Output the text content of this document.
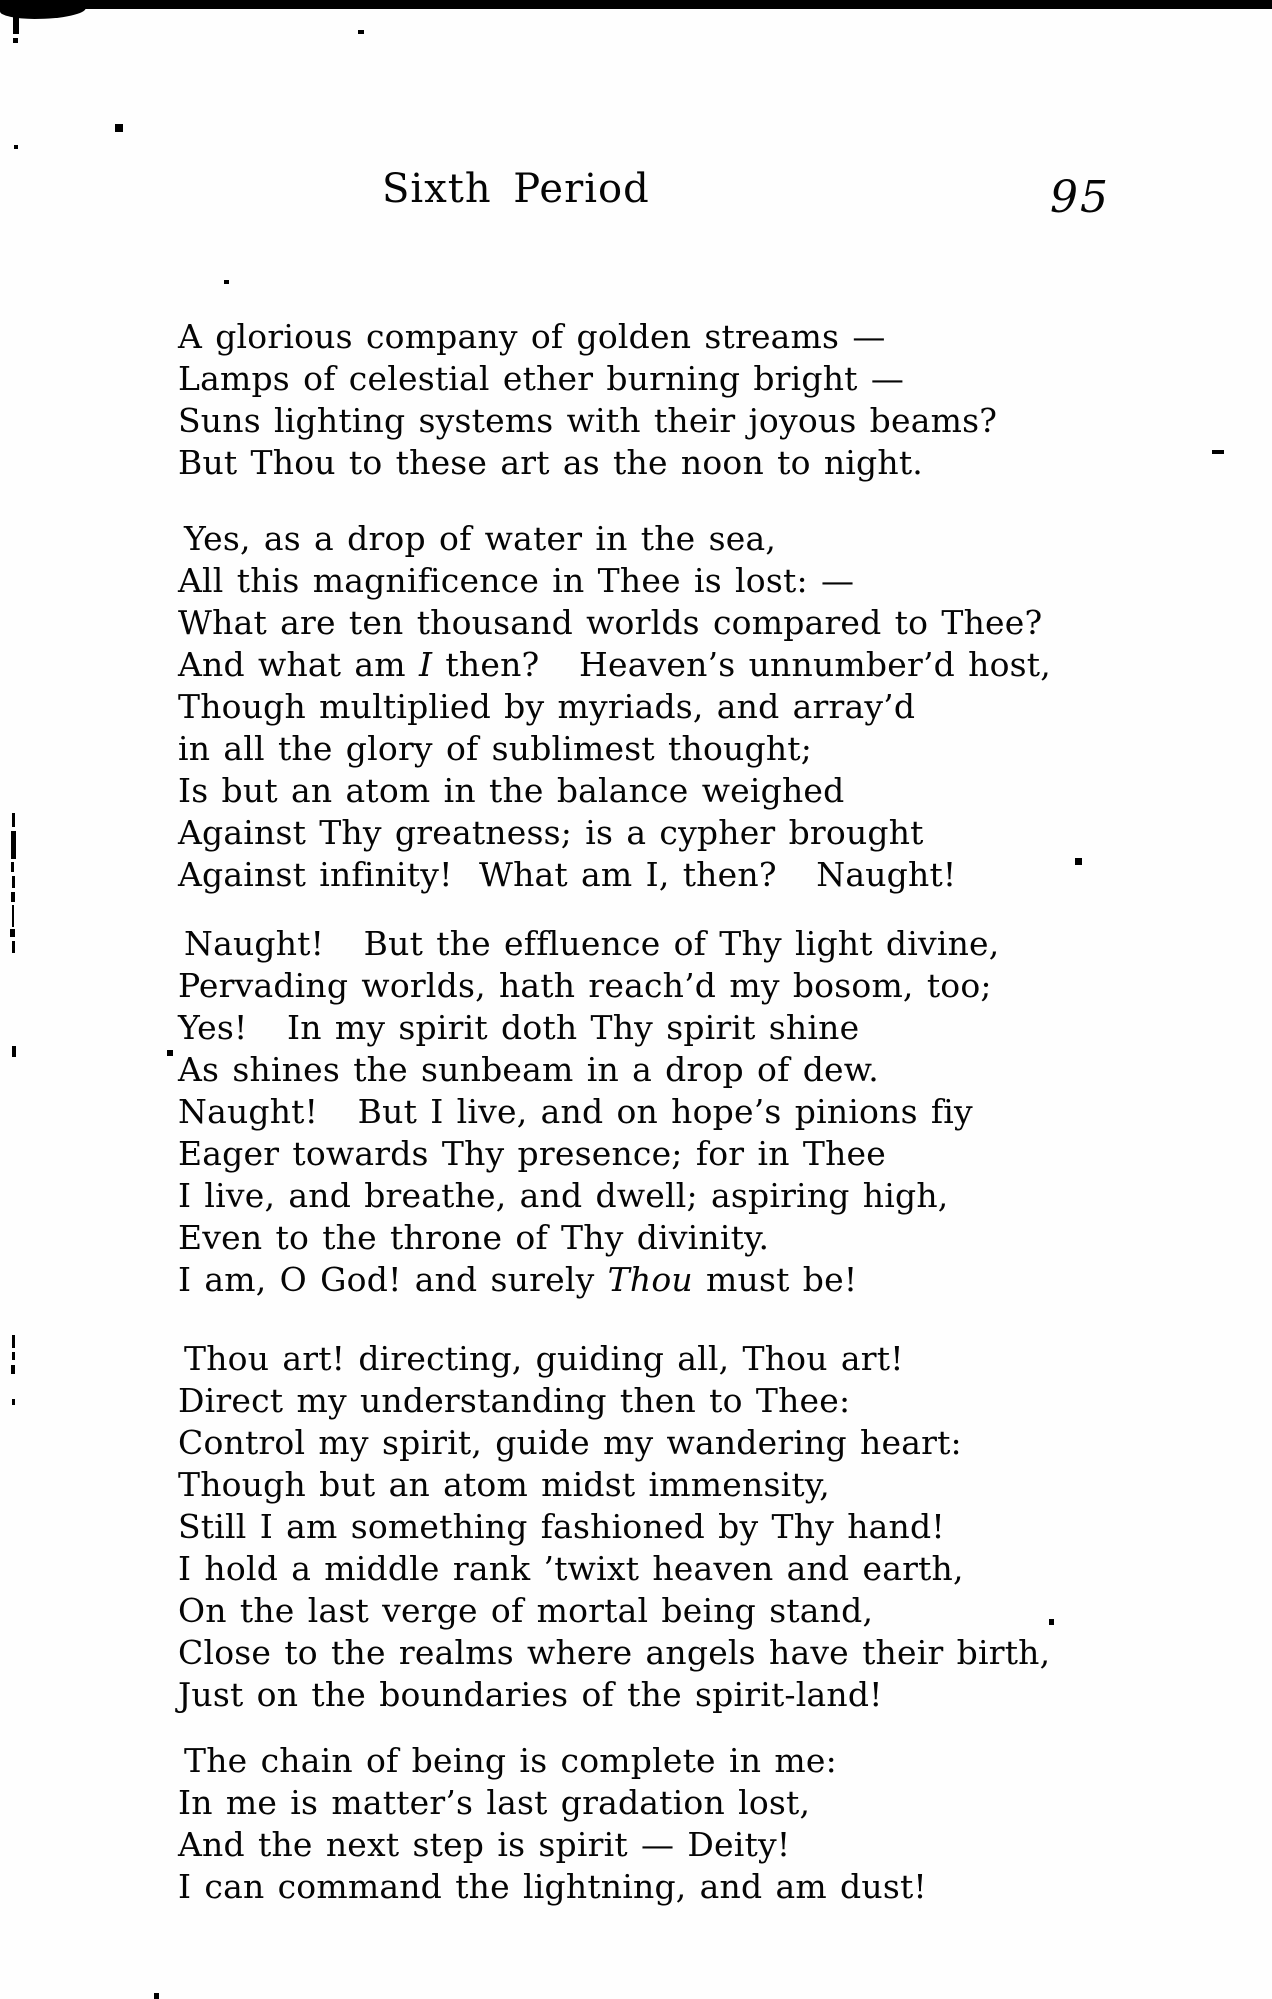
Sixth Period	95
A glorious company of golden streams —
Lamps of celestial ether burning bright —
Suns lighting systems with their joyous beams?
But Thou to these art as the noon to night.
Yes, as a drop of water in the sea,
All this magnificence in Thee is lost: —
What are ten thousand worlds compared to Thee?
And what am I then?   Heaven’s unnumber’d host,
Though multiplied by myriads, and array’d
in all the glory of sublimest thought;
Is but an atom in the balance weighed
Against Thy greatness; is a cypher brought
Against infinity!  What am I, then?   Naught!
Naught!   But the effluence of Thy light divine,
Pervading worlds, hath reach’d my bosom, too;
Yes!   In my spirit doth Thy spirit shine
As shines the sunbeam in a drop of dew.
Naught!   But I live, and on hope’s pinions fiy
Eager towards Thy presence; for in Thee
I live, and breathe, and dwell; aspiring high,
Even to the throne of Thy divinity.
I am, O God! and surely Thou must be!
Thou art! directing, guiding all, Thou art!
Direct my understanding then to Thee:
Control my spirit, guide my wandering heart:
Though but an atom midst immensity,
Still I am something fashioned by Thy hand!
I hold a middle rank ’twixt heaven and earth,
On the last verge of mortal being stand,
Close to the realms where angels have their birth,
Just on the boundaries of the spirit-land!
The chain of being is complete in me:
In me is matter’s last gradation lost,
And the next step is spirit — Deity!
I can command the lightning, and am dust!
